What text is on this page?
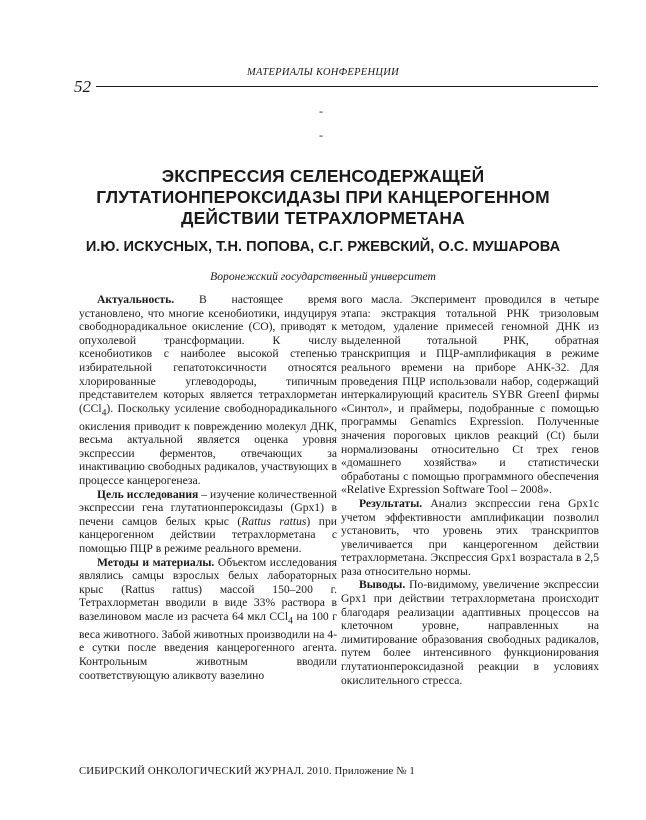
МАТЕРИАЛЫ КОНФЕРЕНЦИИ
52
-
-
ЭКСПРЕССИЯ СЕЛЕНСОДЕРЖАЩЕЙ
ГЛУТАТИОНПЕРОКСИДАЗЫ ПРИ КАНЦЕРОГЕННОМ
ДЕЙСТВИИ ТЕТРАХЛОРМЕТАНА
И.Ю. ИСКУСНЫХ, Т.Н. ПОПОВА, С.Г. РЖЕВСКИЙ, О.С. МУШАРОВА
Воронежский государственный университет

Актуальность. В настоящее время установлено, что многие ксенобиотики, индуцируя свободнорадикальное окисление (СО), приводят к опухолевой трансформации. К числу ксенобиотиков с наиболее высокой степенью избирательной гепатотоксичности относятся хлорированные углеводороды, типичным представителем которых является тетрахлорметан (CCl$_4$). Поскольку усиление свободнорадикального окисления приводит к повреждению молекул ДНК, весьма актуальной является оценка уровня экспрессии ферментов, отвечающих за инактивацию свободных радикалов, участвующих в процессе канцерогенеза.

Цель исследования – изучение количественной экспрессии гена глутатионпероксидазы (Gpx1) в печени самцов белых крыс (Rattus rattus) при канцерогенном действии тетрахлорметана с помощью ПЦР в режиме реального времени.

Методы и материалы. Объектом исследования являлись самцы взрослых белых лабораторных крыс (Rattus rattus) массой 150–200 г. Тетрахлорметан вводили в виде 33% раствора в вазелиновом масле из расчета 64 мкл CCl$_4$ на 100 г веса животного. Забой животных производили на 4-е сутки после введения канцерогенного агента. Контрольным животным вводили соответствующую аликвоту вазелино

вого масла. Эксперимент проводился в четыре этапа: экстракция тотальной РНК тризоловым методом, удаление примесей геномной ДНК из выделенной тотальной РНК, обратная транскрипция и ПЦР-амплификация в режиме реального времени на приборе АНК-32. Для проведения ПЦР использовали набор, содержащий интеркалирующий краситель SYBR GreenI фирмы «Синтол», и праймеры, подобранные с помощью программы Genamics Expression. Полученные значения пороговых циклов реакций (Ct) были нормализованы относительно Ct трех генов «домашнего хозяйства» и статистически обработаны с помощью программного обеспечения «Relative Expression Software Tool – 2008».

Результаты. Анализ экспрессии гена Gpx1с учетом эффективности амплификации позволил установить, что уровень этих транскриптов увеличивается при канцерогенном действии тетрахлорметана. Экспрессия Gpx1 возрастала в 2,5 раза относительно нормы.

Выводы. По-видимому, увеличение экспрессии Gpx1 при действии тетрахлорметана происходит благодаря реализации адаптивных процессов на клеточном уровне, направленных на лимитирование образования свободных радикалов, путем более интенсивного функционирования глутатионпероксидазной реакции в условиях окислительного стресса.

СИБИРСКИЙ ОНКОЛОГИЧЕСКИЙ ЖУРНАЛ. 2010. Приложение № 1
